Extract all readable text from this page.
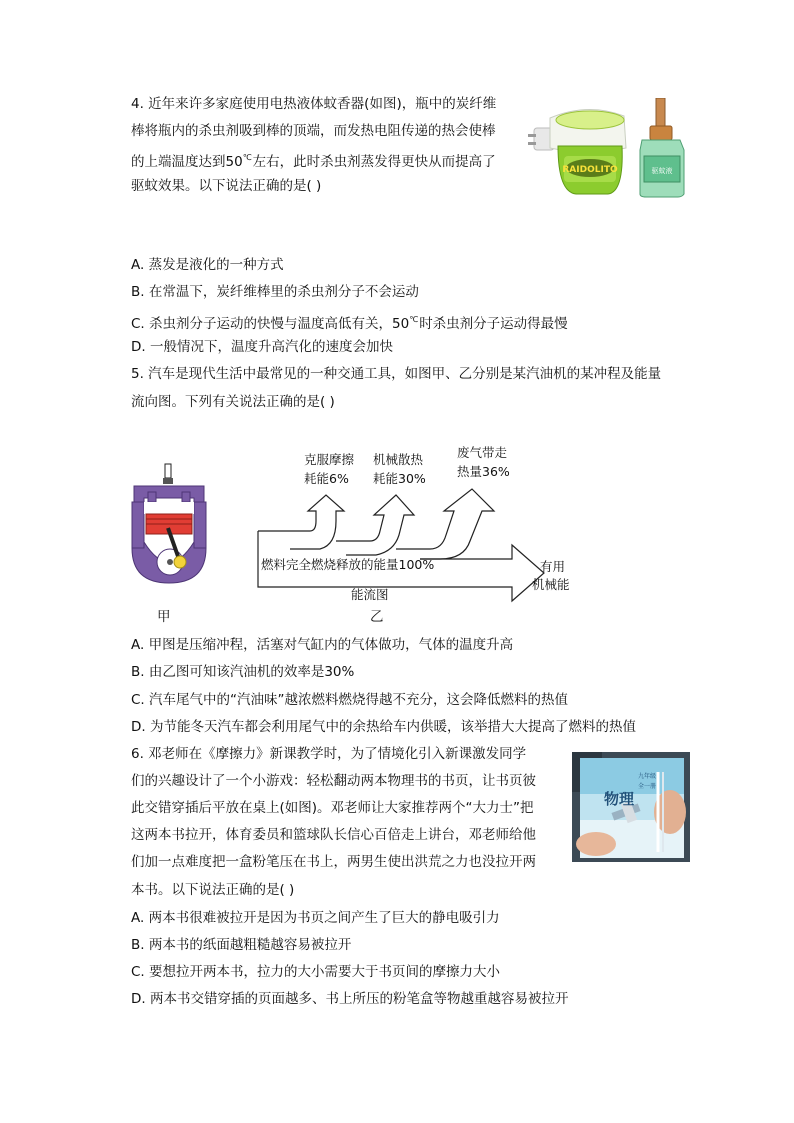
4. 近年来许多家庭使用电热液体蚊香器(如图)，瓶中的炭纤维
棒将瓶内的杀虫剂吸到棒的顶端，而发热电阻传递的热会使棒
的上端温度达到50℃左右，此时杀虫剂蒸发得更快从而提高了
驱蚊效果。以下说法正确的是( )
RAIDOLITO	驱蚊液
A. 蒸发是液化的一种方式
B. 在常温下，炭纤维棒里的杀虫剂分子不会运动
C. 杀虫剂分子运动的快慢与温度高低有关，50℃时杀虫剂分子运动得最慢
D. 一般情况下，温度升高汽化的速度会加快
5. 汽车是现代生活中最常见的一种交通工具，如图甲、乙分别是某汽油机的某冲程及能量
流向图。下列有关说法正确的是( )
甲
克服摩擦
耗能6%
机械散热
耗能30%
废气带走
热量36%
燃料完全燃烧释放的能量100%	有用
机械能
能流图
乙
A. 甲图是压缩冲程，活塞对气缸内的气体做功，气体的温度升高
B. 由乙图可知该汽油机的效率是30%
C. 汽车尾气中的“汽油味”越浓燃料燃烧得越不充分，这会降低燃料的热值
D. 为节能冬天汽车都会利用尾气中的余热给车内供暖，该举措大大提高了燃料的热值
6. 邓老师在《摩擦力》新课教学时，为了情境化引入新课激发同学
们的兴趣设计了一个小游戏：轻松翻动两本物理书的书页，让书页彼
此交错穿插后平放在桌上(如图)。邓老师让大家推荐两个“大力士”把
这两本书拉开，体育委员和篮球队长信心百倍走上讲台，邓老师给他
们加一点难度把一盒粉笔压在书上，两男生使出洪荒之力也没拉开两
本书。以下说法正确的是( )
物理
九年级
全一册
A. 两本书很难被拉开是因为书页之间产生了巨大的静电吸引力
B. 两本书的纸面越粗糙越容易被拉开
C. 要想拉开两本书，拉力的大小需要大于书页间的摩擦力大小
D. 两本书交错穿插的页面越多、书上所压的粉笔盒等物越重越容易被拉开
